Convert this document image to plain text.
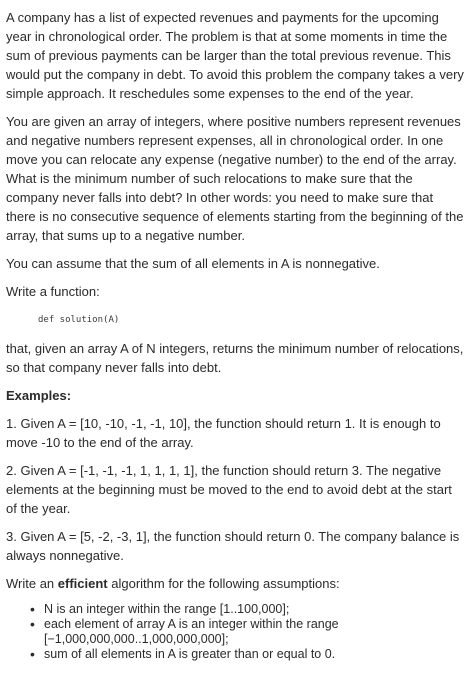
A company has a list of expected revenues and payments for the upcoming year in chronological order. The problem is that at some moments in time the sum of previous payments can be larger than the total previous revenue. This would put the company in debt. To avoid this problem the company takes a very simple approach. It reschedules some expenses to the end of the year.

You are given an array of integers, where positive numbers represent revenues and negative numbers represent expenses, all in chronological order. In one move you can relocate any expense (negative number) to the end of the array. What is the minimum number of such relocations to make sure that the company never falls into debt? In other words: you need to make sure that there is no consecutive sequence of elements starting from the beginning of the array, that sums up to a negative number.

You can assume that the sum of all elements in A is nonnegative.

Write a function:

def solution(A)

that, given an array A of N integers, returns the minimum number of relocations, so that company never falls into debt.

Examples:

1. Given A = [10, -10, -1, -1, 10], the function should return 1. It is enough to move -10 to the end of the array.

2. Given A = [-1, -1, -1, 1, 1, 1, 1], the function should return 3. The negative elements at the beginning must be moved to the end to avoid debt at the start of the year.

3. Given A = [5, -2, -3, 1], the function should return 0. The company balance is always nonnegative.

Write an efficient algorithm for the following assumptions:

• N is an integer within the range [1..100,000];
• each element of array A is an integer within the range [−1,000,000,000..1,000,000,000];
• sum of all elements in A is greater than or equal to 0.
